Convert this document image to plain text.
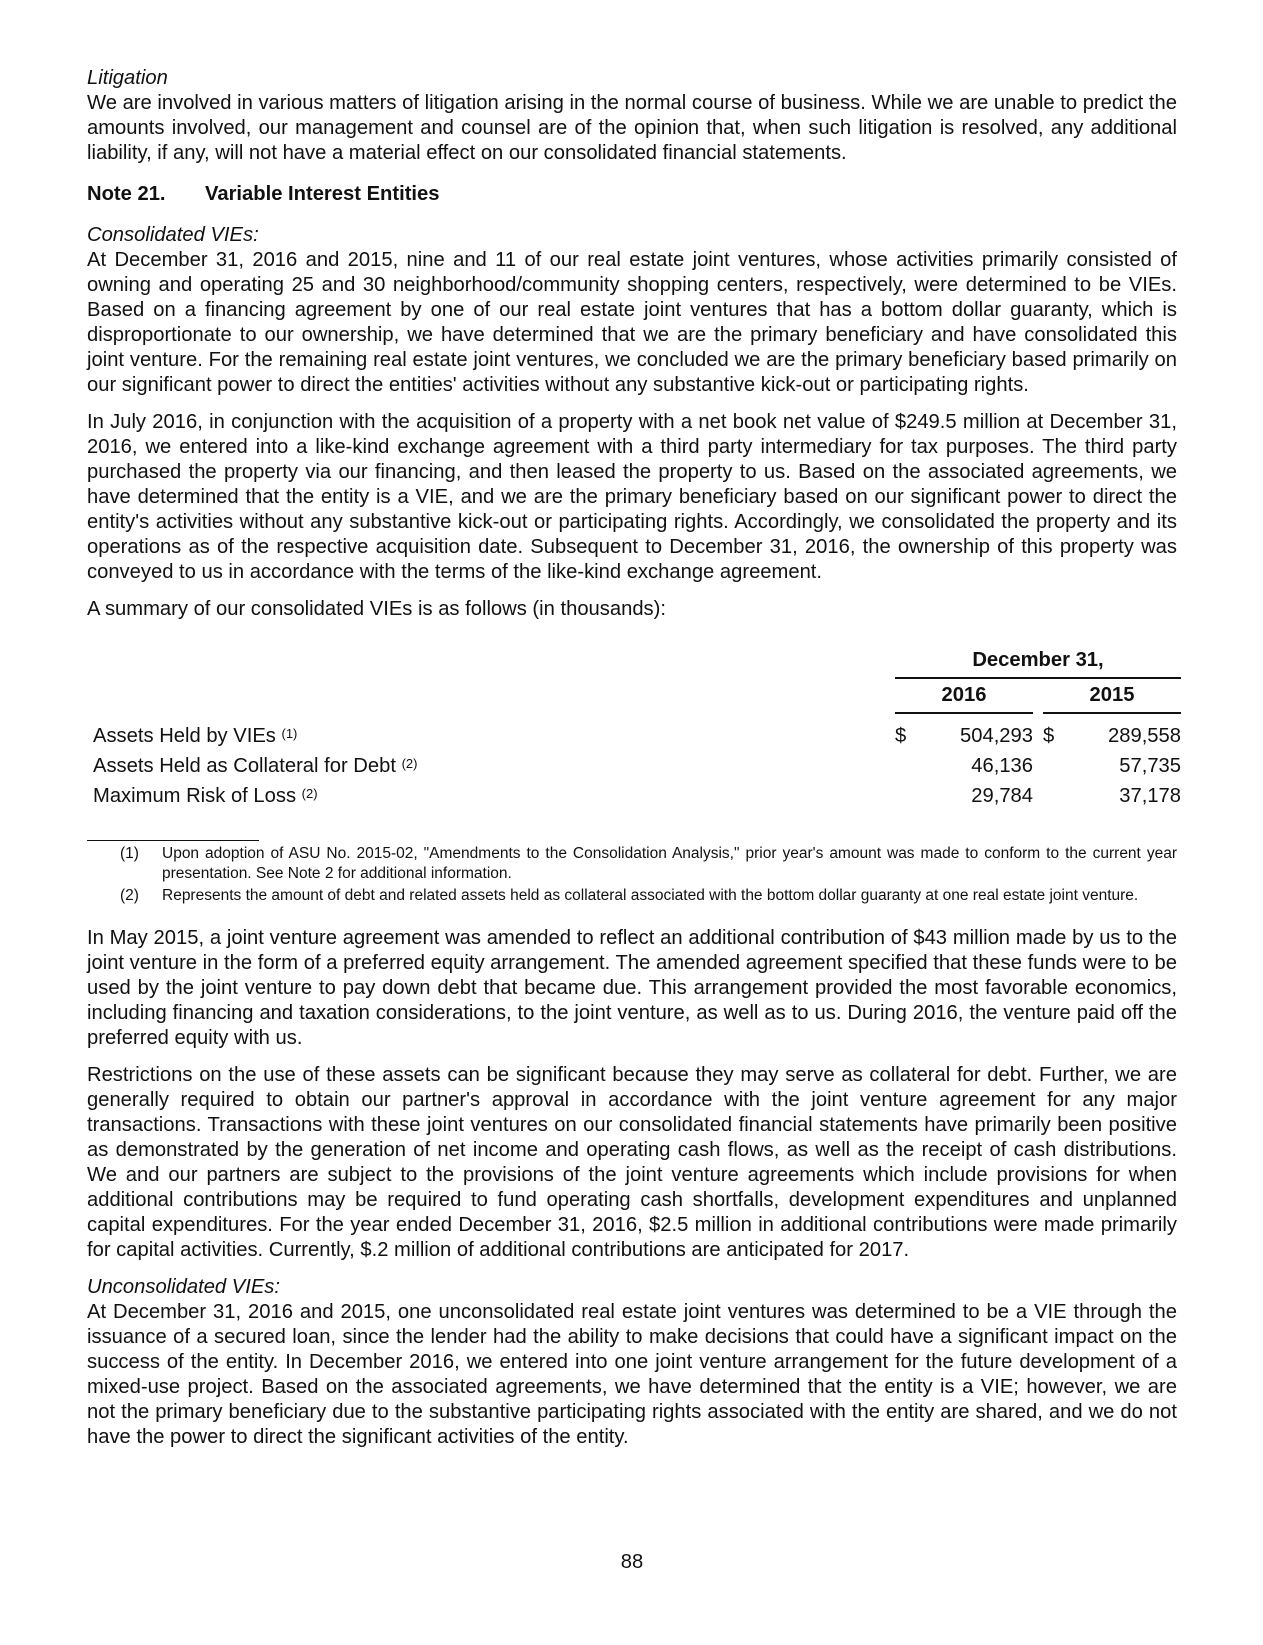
Litigation

We are involved in various matters of litigation arising in the normal course of business. While we are unable to predict the amounts involved, our management and counsel are of the opinion that, when such litigation is resolved, any additional liability, if any, will not have a material effect on our consolidated financial statements.

Note 21. Variable Interest Entities
Consolidated VIEs:

At December 31, 2016 and 2015, nine and 11 of our real estate joint ventures, whose activities primarily consisted of owning and operating 25 and 30 neighborhood/community shopping centers, respectively, were determined to be VIEs. Based on a financing agreement by one of our real estate joint ventures that has a bottom dollar guaranty, which is disproportionate to our ownership, we have determined that we are the primary beneficiary and have consolidated this joint venture. For the remaining real estate joint ventures, we concluded we are the primary beneficiary based primarily on our significant power to direct the entities' activities without any substantive kick-out or participating rights.

In July 2016, in conjunction with the acquisition of a property with a net book net value of $249.5 million at December 31, 2016, we entered into a like-kind exchange agreement with a third party intermediary for tax purposes. The third party purchased the property via our financing, and then leased the property to us. Based on the associated agreements, we have determined that the entity is a VIE, and we are the primary beneficiary based on our significant power to direct the entity's activities without any substantive kick-out or participating rights. Accordingly, we consolidated the property and its operations as of the respective acquisition date. Subsequent to December 31, 2016, the ownership of this property was conveyed to us in accordance with the terms of the like-kind exchange agreement.

A summary of our consolidated VIEs is as follows (in thousands):

December 31,
2016	2015
Assets Held by VIEs $^{(1)}$	$	504,293 $	289,558
Assets Held as Collateral for Debt $^{(2)}$	46,136	57,735
Maximum Risk of Loss $^{(2)}$	29,784	37,178
(1) Upon adoption of ASU No. 2015-02, "Amendments to the Consolidation Analysis," prior year's amount was made to conform to the current year presentation. See Note 2 for additional information.
(2) Represents the amount of debt and related assets held as collateral associated with the bottom dollar guaranty at one real estate joint venture.

In May 2015, a joint venture agreement was amended to reflect an additional contribution of $43 million made by us to the joint venture in the form of a preferred equity arrangement. The amended agreement specified that these funds were to be used by the joint venture to pay down debt that became due. This arrangement provided the most favorable economics, including financing and taxation considerations, to the joint venture, as well as to us. During 2016, the venture paid off the preferred equity with us.

Restrictions on the use of these assets can be significant because they may serve as collateral for debt. Further, we are generally required to obtain our partner's approval in accordance with the joint venture agreement for any major transactions. Transactions with these joint ventures on our consolidated financial statements have primarily been positive as demonstrated by the generation of net income and operating cash flows, as well as the receipt of cash distributions. We and our partners are subject to the provisions of the joint venture agreements which include provisions for when additional contributions may be required to fund operating cash shortfalls, development expenditures and unplanned capital expenditures. For the year ended December 31, 2016, $2.5 million in additional contributions were made primarily for capital activities. Currently, $.2 million of additional contributions are anticipated for 2017.

Unconsolidated VIEs:

At December 31, 2016 and 2015, one unconsolidated real estate joint ventures was determined to be a VIE through the issuance of a secured loan, since the lender had the ability to make decisions that could have a significant impact on the success of the entity. In December 2016, we entered into one joint venture arrangement for the future development of a mixed-use project. Based on the associated agreements, we have determined that the entity is a VIE; however, we are not the primary beneficiary due to the substantive participating rights associated with the entity are shared, and we do not have the power to direct the significant activities of the entity.

88
